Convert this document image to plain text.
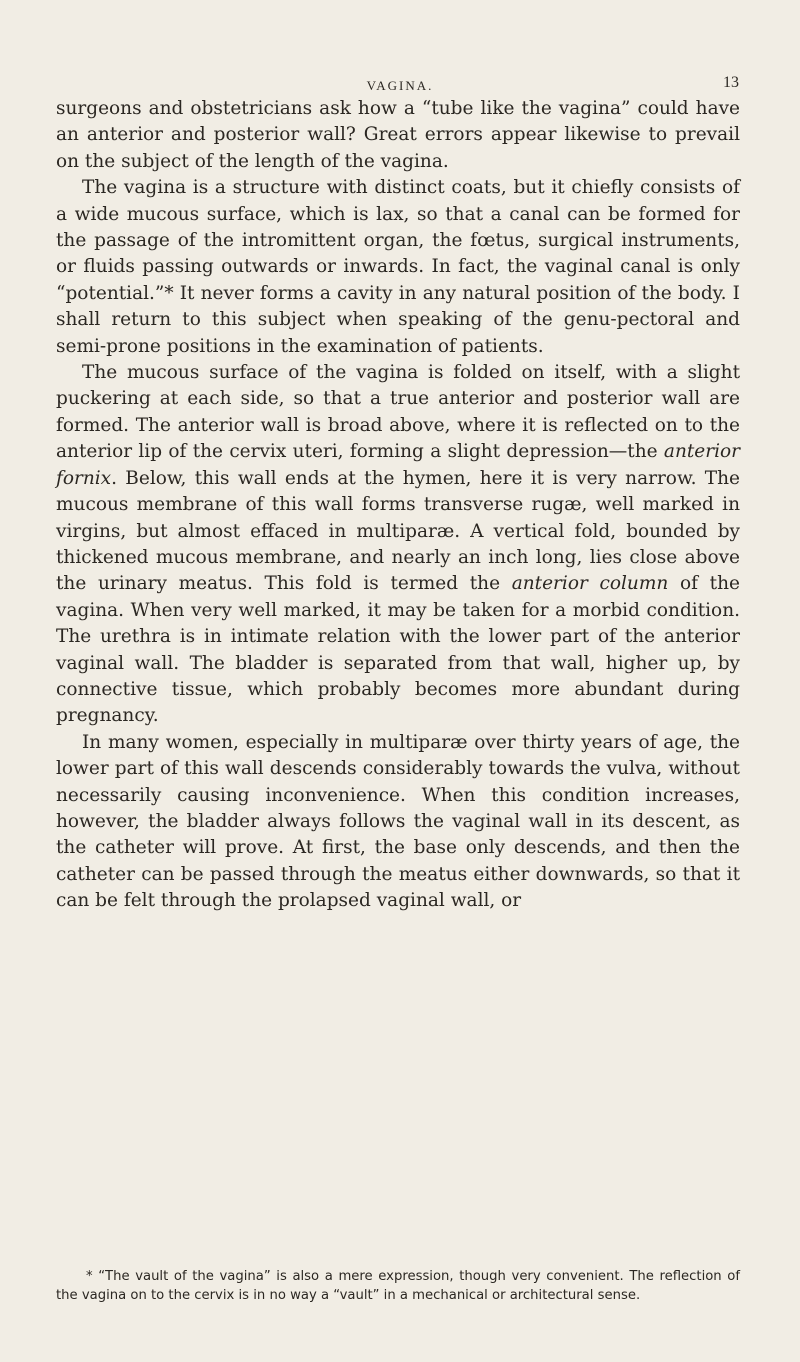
VAGINA.	13

surgeons and obstetricians ask how a “tube like the vagina” could have an anterior and posterior wall? Great errors appear likewise to prevail on the subject of the length of the vagina.

The vagina is a structure with distinct coats, but it chiefly consists of a wide mucous surface, which is lax, so that a canal can be formed for the passage of the intromittent organ, the fœtus, surgical instruments, or fluids passing outwards or inwards. In fact, the vaginal canal is only “potential.”* It never forms a cavity in any natural position of the body. I shall return to this subject when speaking of the genu-pectoral and semi-prone positions in the examination of patients.

The mucous surface of the vagina is folded on itself, with a slight puckering at each side, so that a true anterior and posterior wall are formed. The anterior wall is broad above, where it is reflected on to the anterior lip of the cervix uteri, forming a slight depression—the anterior fornix. Below, this wall ends at the hymen, here it is very narrow. The mucous membrane of this wall forms transverse rugæ, well marked in virgins, but almost effaced in multiparæ. A vertical fold, bounded by thickened mucous membrane, and nearly an inch long, lies close above the urinary meatus. This fold is termed the anterior column of the vagina. When very well marked, it may be taken for a morbid condition. The urethra is in intimate relation with the lower part of the anterior vaginal wall. The bladder is separated from that wall, higher up, by connective tissue, which probably becomes more abundant during pregnancy.

In many women, especially in multiparæ over thirty years of age, the lower part of this wall descends considerably towards the vulva, without necessarily causing inconvenience. When this condition increases, however, the bladder always follows the vaginal wall in its descent, as the catheter will prove. At first, the base only descends, and then the catheter can be passed through the meatus either downwards, so that it can be felt through the prolapsed vaginal wall, or

* “The vault of the vagina” is also a mere expression, though very convenient. The reflection of the vagina on to the cervix is in no way a “vault” in a mechanical or architectural sense.
